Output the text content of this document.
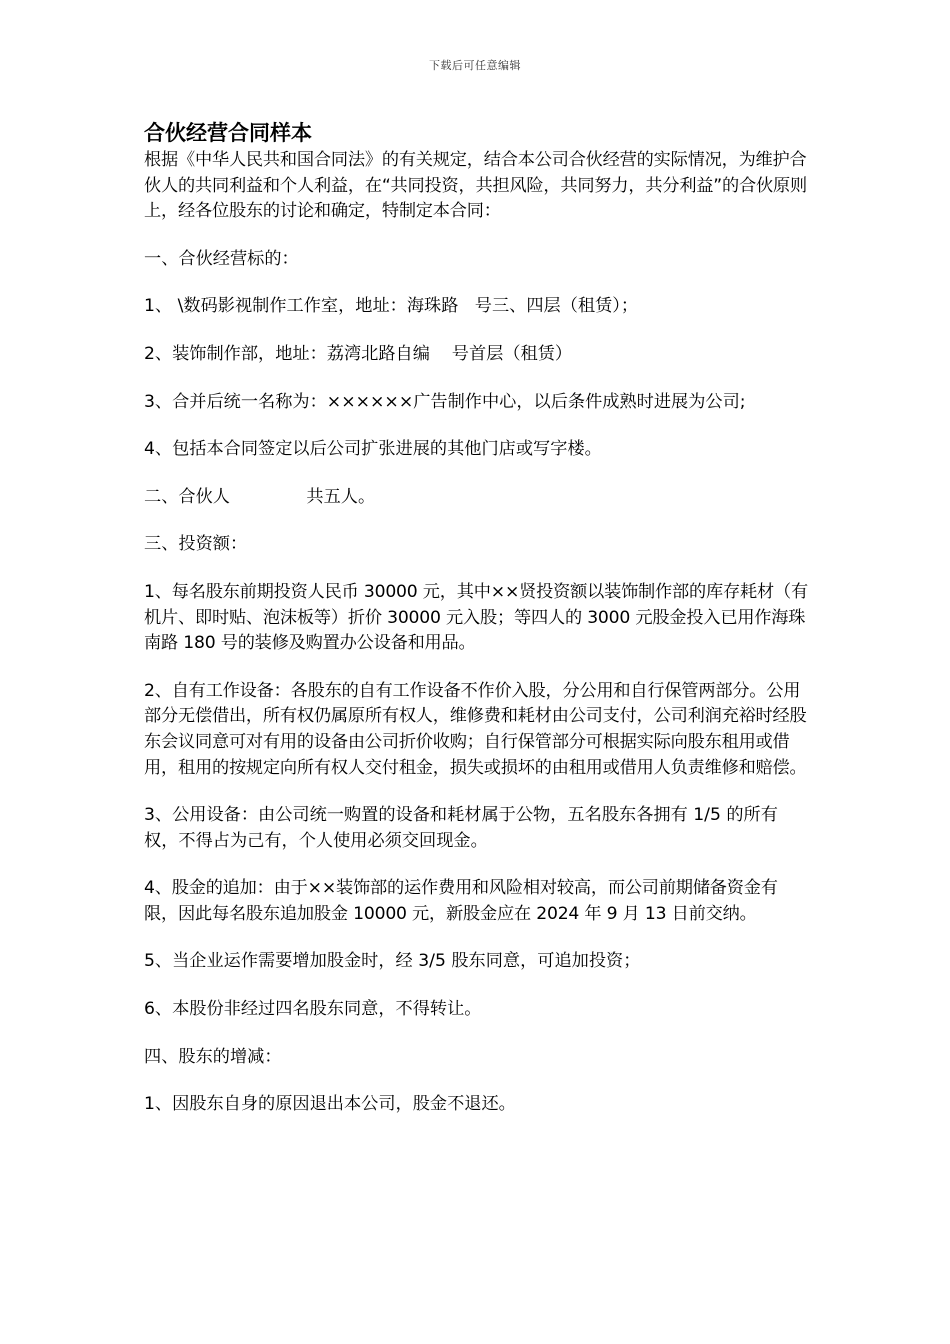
下载后可任意编辑
合伙经营合同样本

根据《中华人民共和国合同法》的有关规定，结合本公司合伙经营的实际情况，为维护合伙人的共同利益和个人利益，在“共同投资，共担风险，共同努力，共分利益”的合伙原则上，经各位股东的讨论和确定，特制定本合同：

一、合伙经营标的：

1、 \数码影视制作工作室，地址：海珠路   号三、四层（租赁）；

2、装饰制作部，地址：荔湾北路自编    号首层（租赁）

3、合并后统一名称为：××××××广告制作中心，以后条件成熟时进展为公司;

4、包括本合同签定以后公司扩张进展的其他门店或写字楼。

二、合伙人              共五人。

三、投资额：

1、每名股东前期投资人民币 30000 元，其中××贤投资额以装饰制作部的库存耗材（有机片、即时贴、泡沫板等）折价 30000 元入股；等四人的 3000 元股金投入已用作海珠南路 180 号的装修及购置办公设备和用品。

2、自有工作设备：各股东的自有工作设备不作价入股，分公用和自行保管两部分。公用部分无偿借出，所有权仍属原所有权人，维修费和耗材由公司支付，公司利润充裕时经股东会议同意可对有用的设备由公司折价收购；自行保管部分可根据实际向股东租用或借用，租用的按规定向所有权人交付租金，损失或损坏的由租用或借用人负责维修和赔偿。

3、公用设备：由公司统一购置的设备和耗材属于公物，五名股东各拥有 1/5 的所有权，不得占为己有，个人使用必须交回现金。

4、股金的追加：由于××装饰部的运作费用和风险相对较高，而公司前期储备资金有限，因此每名股东追加股金 10000 元，新股金应在 2024 年 9 月 13 日前交纳。

5、当企业运作需要增加股金时，经 3/5 股东同意，可追加投资；

6、本股份非经过四名股东同意，不得转让。

四、股东的增减：

1、因股东自身的原因退出本公司，股金不退还。
